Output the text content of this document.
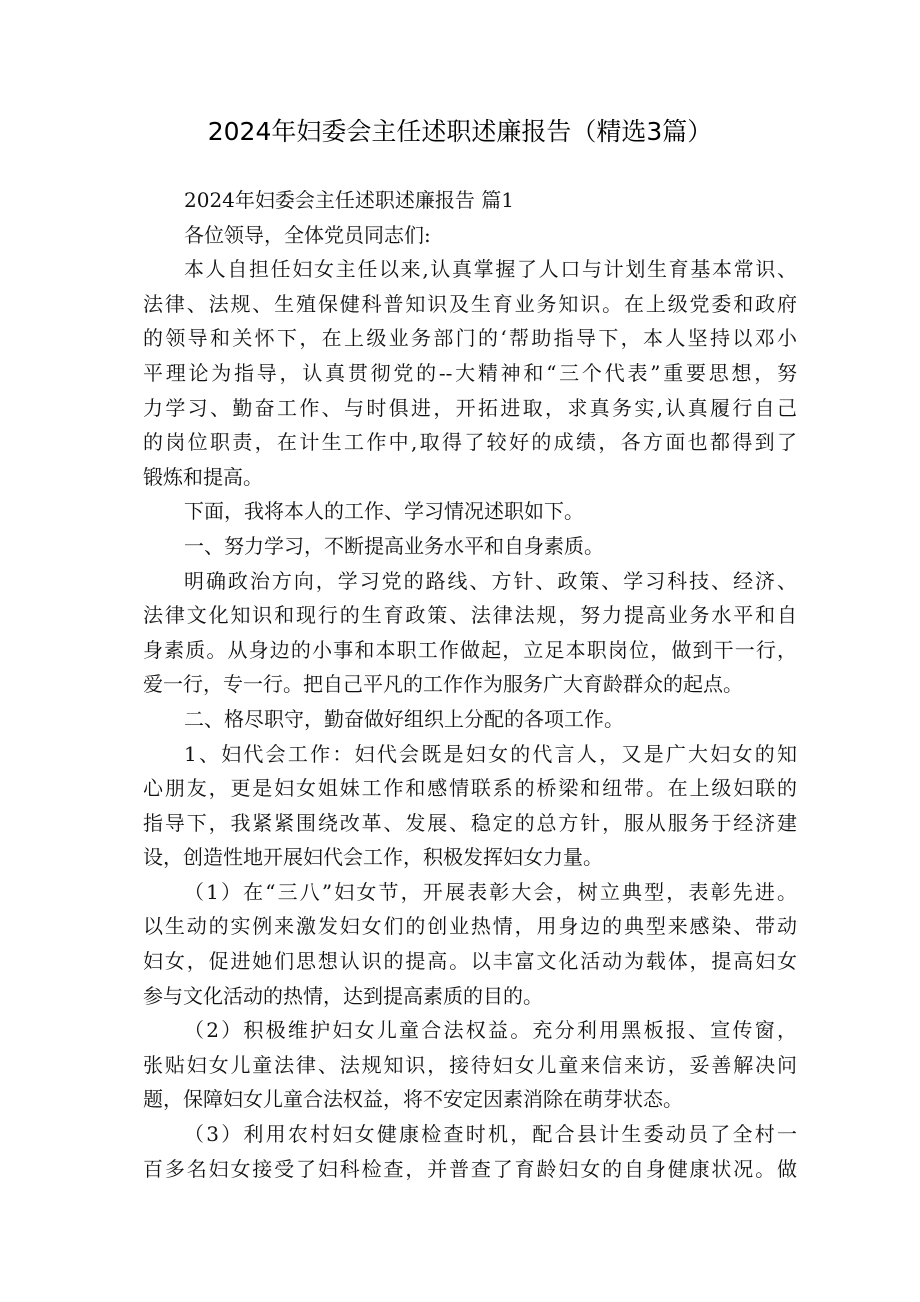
2024年妇委会主任述职述廉报告（精选3篇）
2024年妇委会主任述职述廉报告 篇1
各位领导，全体党员同志们:
本人自担任妇女主任以来,认真掌握了人口与计划生育基本常识、
法律、法规、生殖保健科普知识及生育业务知识。在上级党委和政府
的领导和关怀下，在上级业务部门的‘帮助指导下，本人坚持以邓小
平理论为指导，认真贯彻党的--大精神和“三个代表”重要思想，努
力学习、勤奋工作、与时俱进，开拓进取，求真务实,认真履行自己
的岗位职责，在计生工作中,取得了较好的成绩，各方面也都得到了
锻炼和提高。
下面，我将本人的工作、学习情况述职如下。
一、努力学习，不断提高业务水平和自身素质。
明确政治方向，学习党的路线、方针、政策、学习科技、经济、
法律文化知识和现行的生育政策、法律法规，努力提高业务水平和自
身素质。从身边的小事和本职工作做起，立足本职岗位，做到干一行，
爱一行，专一行。把自己平凡的工作作为服务广大育龄群众的起点。
二、格尽职守，勤奋做好组织上分配的各项工作。
1、妇代会工作：妇代会既是妇女的代言人，又是广大妇女的知
心朋友，更是妇女姐妹工作和感情联系的桥梁和纽带。在上级妇联的
指导下，我紧紧围绕改革、发展、稳定的总方针，服从服务于经济建
设，创造性地开展妇代会工作，积极发挥妇女力量。
（1）在“三八”妇女节，开展表彰大会，树立典型，表彰先进。
以生动的实例来激发妇女们的创业热情，用身边的典型来感染、带动
妇女，促进她们思想认识的提高。以丰富文化活动为载体，提高妇女
参与文化活动的热情，达到提高素质的目的。
（2）积极维护妇女儿童合法权益。充分利用黑板报、宣传窗，
张贴妇女儿童法律、法规知识，接待妇女儿童来信来访，妥善解决问
题，保障妇女儿童合法权益，将不安定因素消除在萌芽状态。
（3）利用农村妇女健康检查时机，配合县计生委动员了全村一
百多名妇女接受了妇科检查，并普查了育龄妇女的自身健康状况。做
